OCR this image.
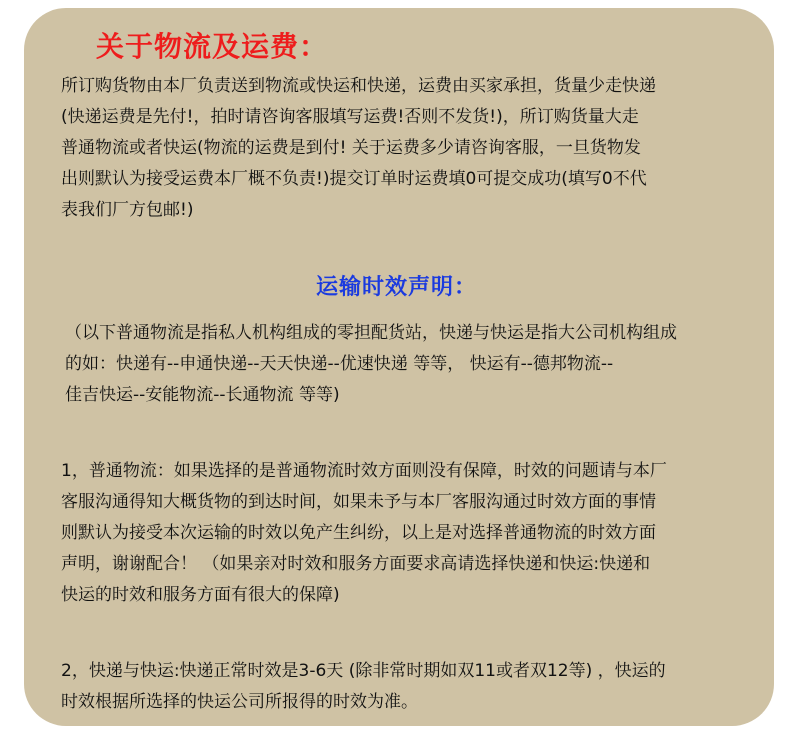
关于物流及运费：
所订购货物由本厂负责送到物流或快运和快递，运费由买家承担，货量少走快递
(快递运费是先付!，拍时请咨询客服填写运费!否则不发货!)，所订购货量大走
普通物流或者快运(物流的运费是到付! 关于运费多少请咨询客服，一旦货物发
出则默认为接受运费本厂概不负责!)提交订单时运费填0可提交成功(填写0不代
表我们厂方包邮!)
运输时效声明：
（以下普通物流是指私人机构组成的零担配货站，快递与快运是指大公司机构组成
的如：快递有--申通快递--天天快递--优速快递 等等， 快运有--德邦物流--
佳吉快运--安能物流--长通物流 等等)
1，普通物流：如果选择的是普通物流时效方面则没有保障，时效的问题请与本厂
客服沟通得知大概货物的到达时间，如果未予与本厂客服沟通过时效方面的事情
则默认为接受本次运输的时效以免产生纠纷，以上是对选择普通物流的时效方面
声明，谢谢配合！ （如果亲对时效和服务方面要求高请选择快递和快运:快递和
快运的时效和服务方面有很大的保障)
2，快递与快运:快递正常时效是3-6天 (除非常时期如双11或者双12等) ，快运的
时效根据所选择的快运公司所报得的时效为准。
